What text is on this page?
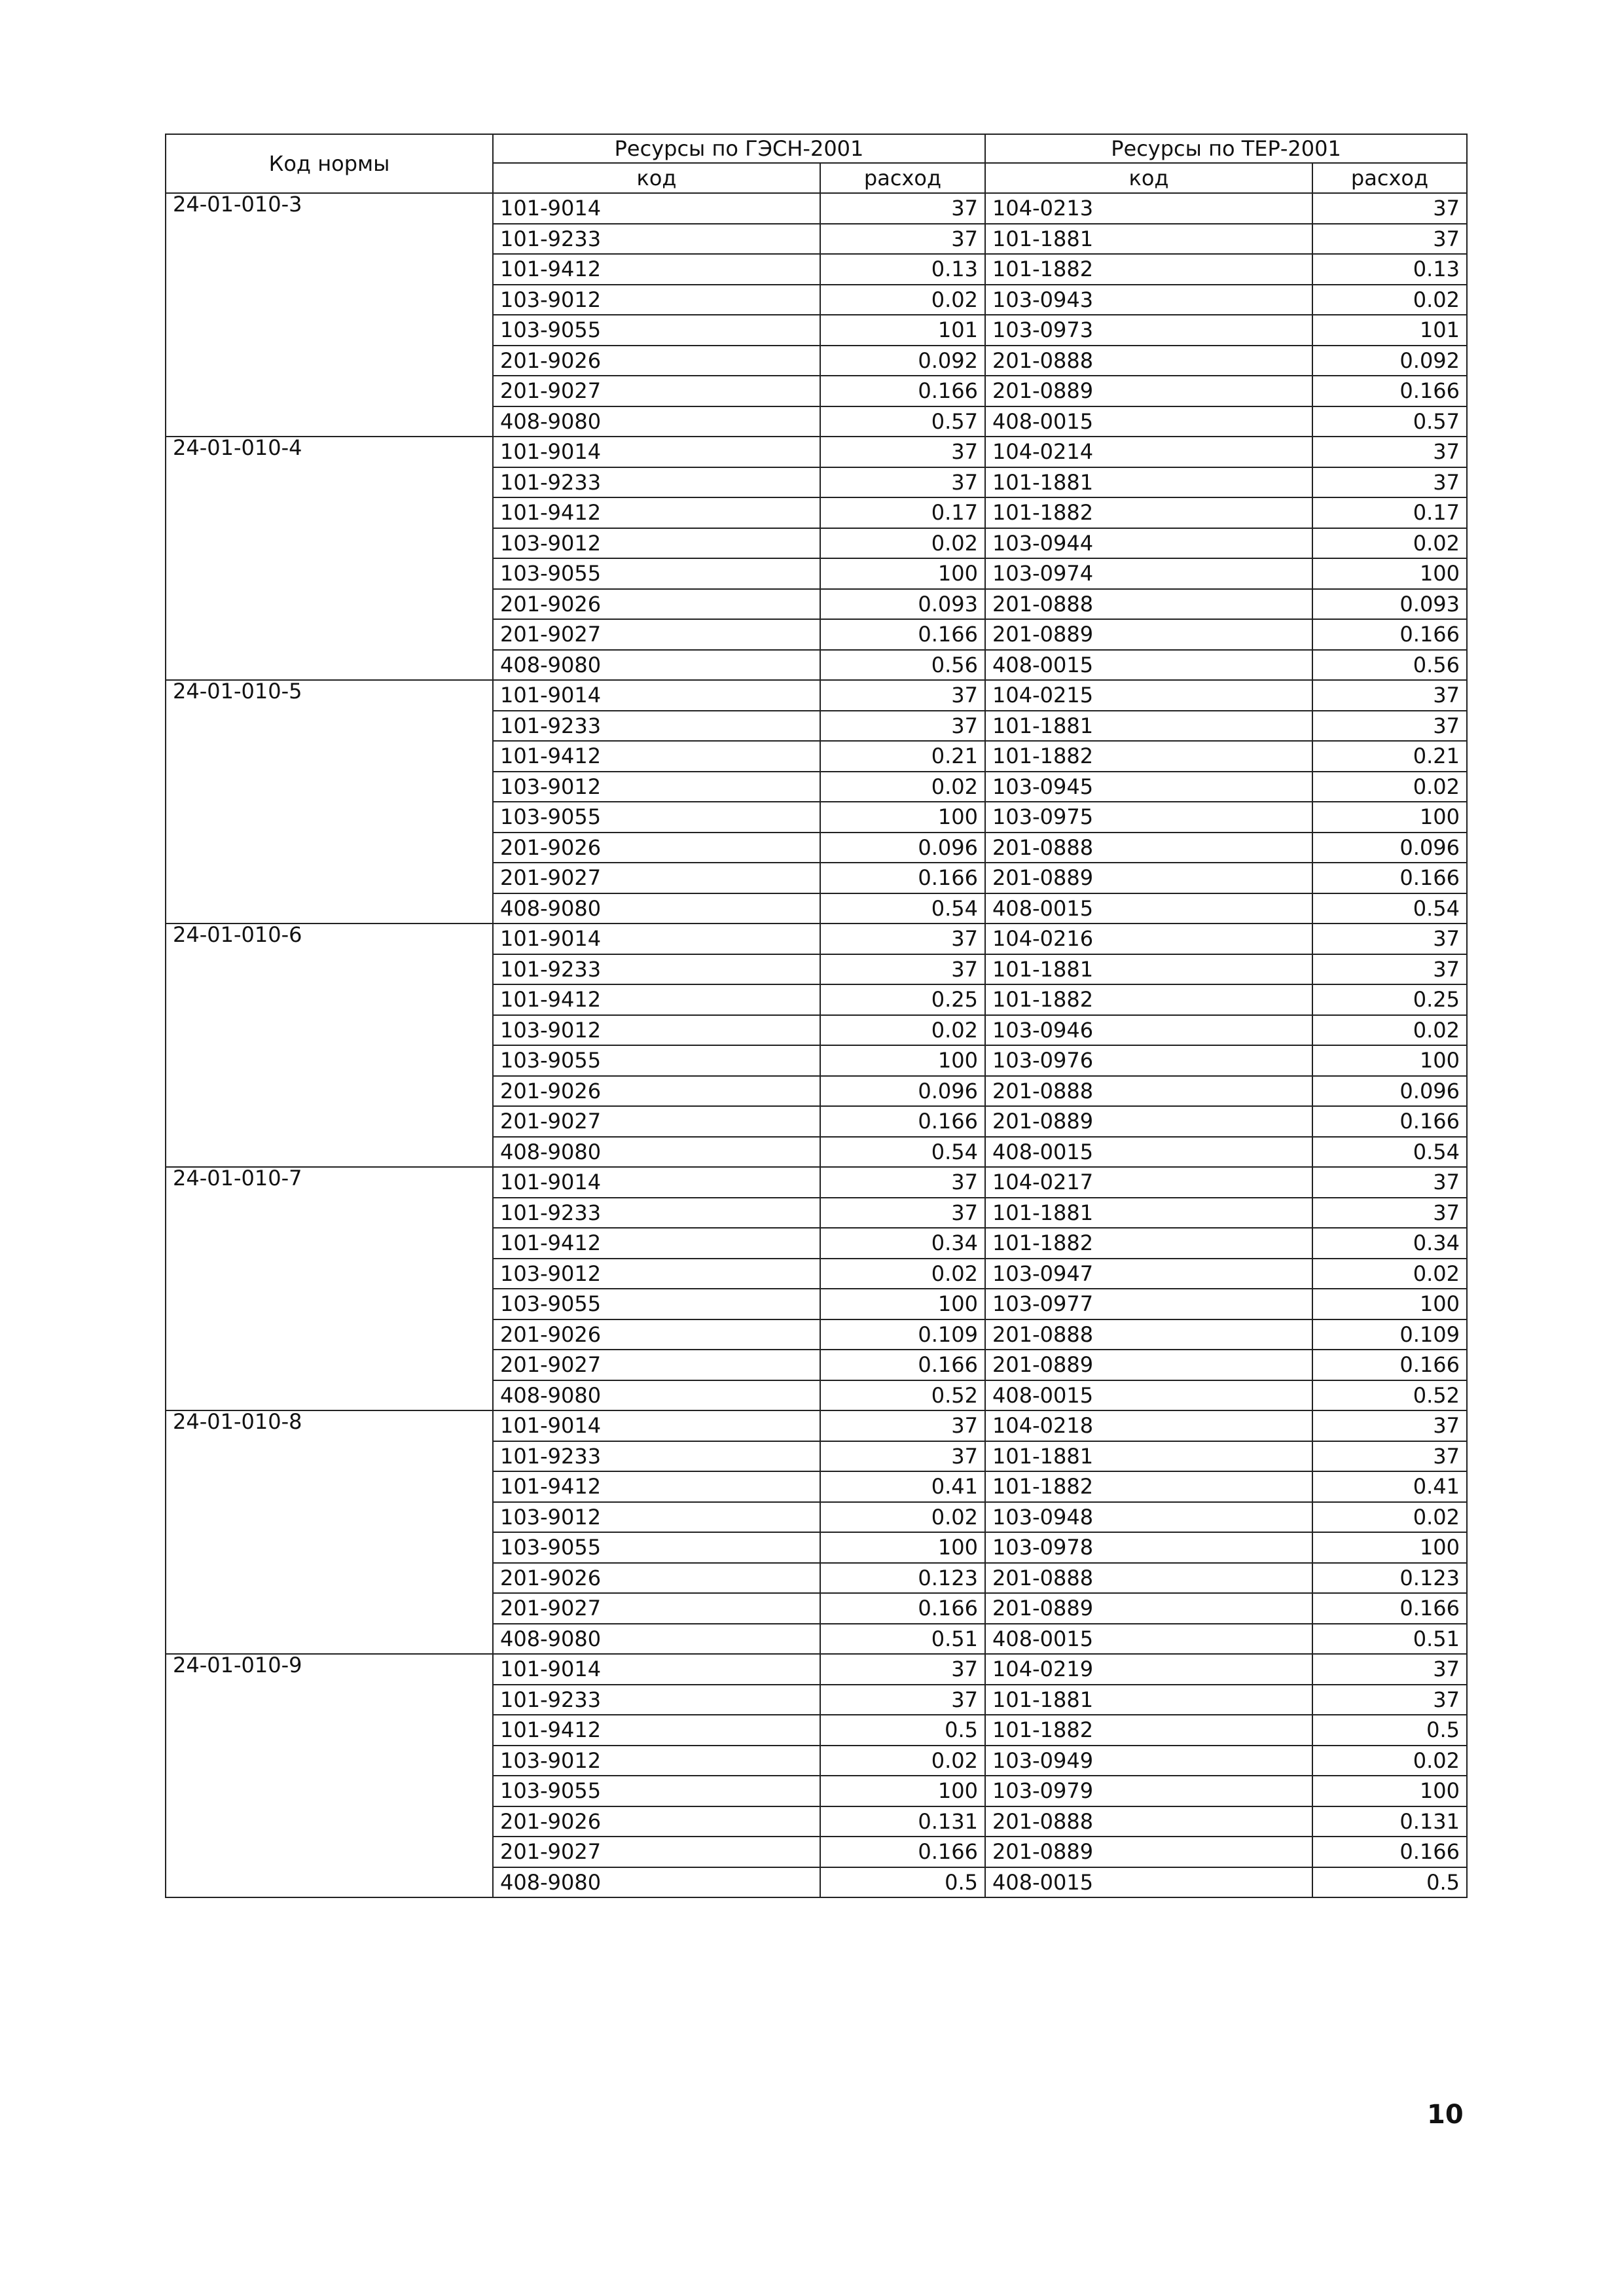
Код нормы	Ресурсы по ГЭСН-2001		Ресурсы по ТЕР-2001	
	код	расход	код	расход
24-01-010-3	101-9014	37	104-0213	37
	101-9233	37	101-1881	37
	101-9412	0.13	101-1882	0.13
	103-9012	0.02	103-0943	0.02
	103-9055	101	103-0973	101
	201-9026	0.092	201-0888	0.092
	201-9027	0.166	201-0889	0.166
	408-9080	0.57	408-0015	0.57
24-01-010-4	101-9014	37	104-0214	37
	101-9233	37	101-1881	37
	101-9412	0.17	101-1882	0.17
	103-9012	0.02	103-0944	0.02
	103-9055	100	103-0974	100
	201-9026	0.093	201-0888	0.093
	201-9027	0.166	201-0889	0.166
	408-9080	0.56	408-0015	0.56
24-01-010-5	101-9014	37	104-0215	37
	101-9233	37	101-1881	37
	101-9412	0.21	101-1882	0.21
	103-9012	0.02	103-0945	0.02
	103-9055	100	103-0975	100
	201-9026	0.096	201-0888	0.096
	201-9027	0.166	201-0889	0.166
	408-9080	0.54	408-0015	0.54
24-01-010-6	101-9014	37	104-0216	37
	101-9233	37	101-1881	37
	101-9412	0.25	101-1882	0.25
	103-9012	0.02	103-0946	0.02
	103-9055	100	103-0976	100
	201-9026	0.096	201-0888	0.096
	201-9027	0.166	201-0889	0.166
	408-9080	0.54	408-0015	0.54
24-01-010-7	101-9014	37	104-0217	37
	101-9233	37	101-1881	37
	101-9412	0.34	101-1882	0.34
	103-9012	0.02	103-0947	0.02
	103-9055	100	103-0977	100
	201-9026	0.109	201-0888	0.109
	201-9027	0.166	201-0889	0.166
	408-9080	0.52	408-0015	0.52
24-01-010-8	101-9014	37	104-0218	37
	101-9233	37	101-1881	37
	101-9412	0.41	101-1882	0.41
	103-9012	0.02	103-0948	0.02
	103-9055	100	103-0978	100
	201-9026	0.123	201-0888	0.123
	201-9027	0.166	201-0889	0.166
	408-9080	0.51	408-0015	0.51
24-01-010-9	101-9014	37	104-0219	37
	101-9233	37	101-1881	37
	101-9412	0.5	101-1882	0.5
	103-9012	0.02	103-0949	0.02
	103-9055	100	103-0979	100
	201-9026	0.131	201-0888	0.131
	201-9027	0.166	201-0889	0.166
	408-9080	0.5	408-0015	0.5
10
